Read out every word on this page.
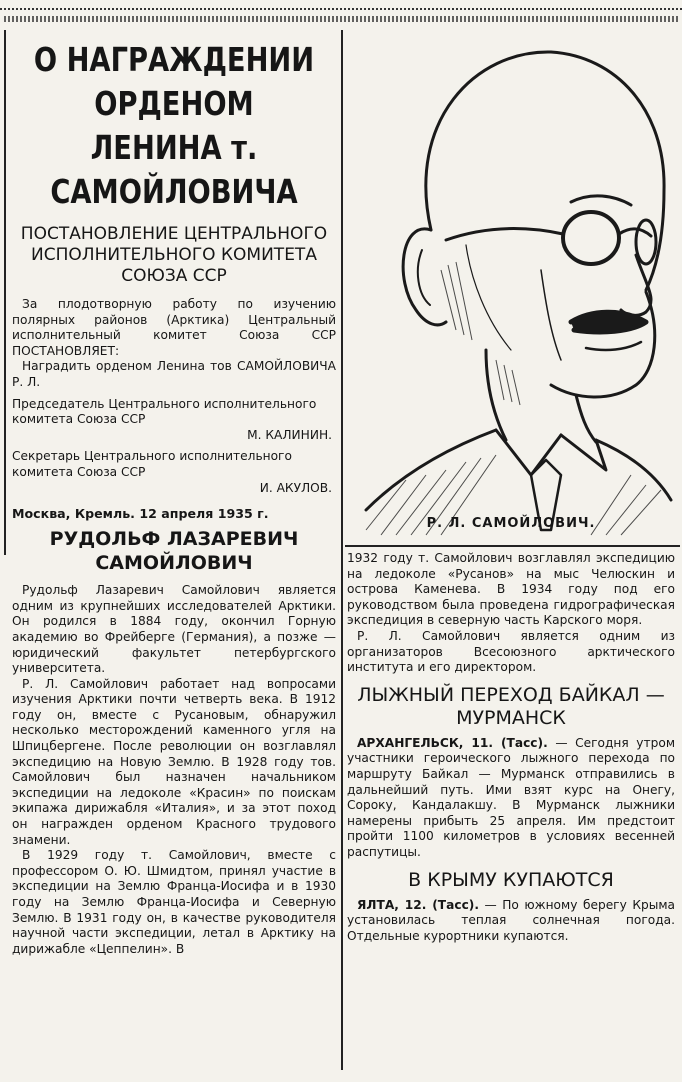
О НАГРАЖДЕНИИ ОРДЕНОМ ЛЕНИНА т. САМОЙЛОВИЧА
ПОСТАНОВЛЕНИЕ ЦЕНТРАЛЬНОГО ИСПОЛНИТЕЛЬНОГО КОМИТЕТА СОЮЗА ССР

За плодотворную работу по изучению полярных районов (Арктика) Центральный исполнительный комитет Союза ССР ПОСТАНОВЛЯЕТ:

Наградить орденом Ленина тов САМОЙЛОВИЧА Р. Л.

Председатель Центрального исполнительного комитета Союза ССР
М. КАЛИНИН.
Секретарь Центрального исполнительного комитета Союза ССР
И. АКУЛОВ.
Москва, Кремль. 12 апреля 1935 г.
РУДОЛЬФ ЛАЗАРЕВИЧ САМОЙЛОВИЧ

Рудольф Лазаревич Самойлович является одним из крупнейших исследователей Арктики. Он родился в 1884 году, окончил Горную академию во Фрейберге (Германия), а позже — юридический факультет петербургского университета.

Р. Л. Самойлович работает над вопросами изучения Арктики почти четверть века. В 1912 году он, вместе с Русановым, обнаружил несколько месторождений каменного угля на Шпицбергене. После революции он возглавлял экспедицию на Новую Землю. В 1928 году тов. Самойлович был назначен начальником экспедиции на ледоколе «Красин» по поискам экипажа дирижабля «Италия», и за этот поход он награжден орденом Красного трудового знамени.

В 1929 году т. Самойлович, вместе с профессором О. Ю. Шмидтом, принял участие в экспедиции на Землю Франца-Иосифа и в 1930 году на Землю Франца-Иосифа и Северную Землю. В 1931 году он, в качестве руководителя научной части экспедиции, летал в Арктику на дирижабле «Цеппелин». В

Р. Л. САМОЙЛОВИЧ.

1932 году т. Самойлович возглавлял экспедицию на ледоколе «Русанов» на мыс Челюскин и острова Каменева. В 1934 году под его руководством была проведена гидрографическая экспедиция в северную часть Карского моря.

Р. Л. Самойлович является одним из организаторов Всесоюзного арктического института и его директором.

ЛЫЖНЫЙ ПЕРЕХОД БАЙКАЛ — МУРМАНСК

АРХАНГЕЛЬСК, 11. (Тасс). — Сегодня утром участники героического лыжного перехода по маршруту Байкал — Мурманск отправились в дальнейший путь. Ими взят курс на Онегу, Сороку, Кандалакшу. В Мурманск лыжники намерены прибыть 25 апреля. Им предстоит пройти 1100 километров в условиях весенней распутицы.

В КРЫМУ КУПАЮТСЯ

ЯЛТА, 12. (Тасс). — По южному берегу Крыма установилась теплая солнечная погода. Отдельные курортники купаются.
